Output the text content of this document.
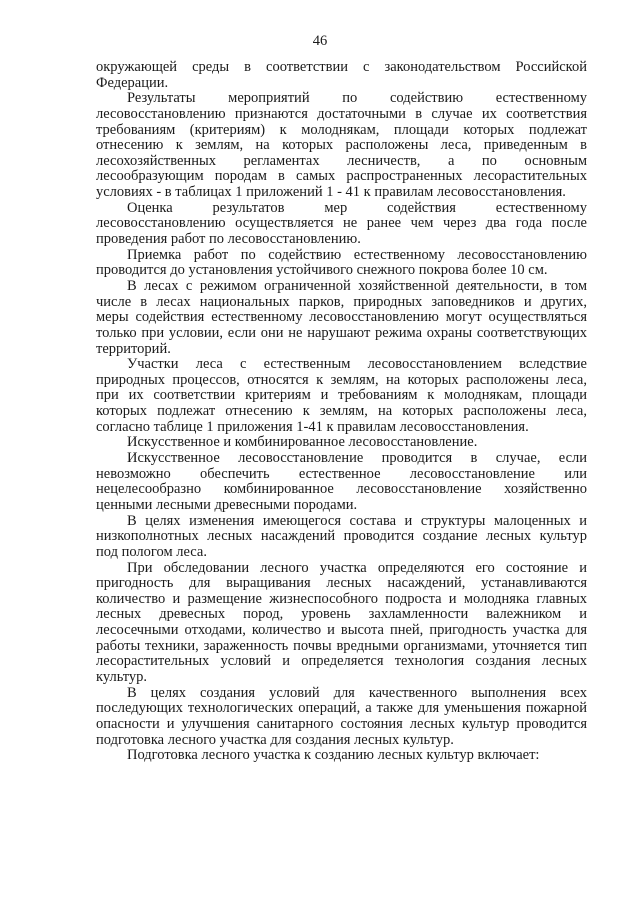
46
окружающей среды в соответствии с законодательством Российской
Федерации.
Результаты мероприятий по содействию естественному
лесовосстановлению признаются достаточными в случае их соответствия
требованиям (критериям) к молоднякам, площади которых подлежат
отнесению к землям, на которых расположены леса, приведенным в
лесохозяйственных регламентах лесничеств, а по основным
лесообразующим породам в самых распространенных лесорастительных
условиях - в таблицах 1 приложений 1 - 41 к правилам лесовосстановления.
Оценка результатов мер содействия естественному
лесовосстановлению осуществляется не ранее чем через два года после
проведения работ по лесовосстановлению.
Приемка работ по содействию естественному лесовосстановлению
проводится до установления устойчивого снежного покрова более 10 см.
В лесах с режимом ограниченной хозяйственной деятельности, в том
числе в лесах национальных парков, природных заповедников и других,
меры содействия естественному лесовосстановлению могут осуществляться
только при условии, если они не нарушают режима охраны соответствующих
территорий.
Участки леса с естественным лесовосстановлением вследствие
природных процессов, относятся к землям, на которых расположены леса,
при их соответствии критериям и требованиям к молоднякам, площади
которых подлежат отнесению к землям, на которых расположены леса,
согласно таблице 1 приложения 1-41 к правилам лесовосстановления.
Искусственное и комбинированное лесовосстановление.
Искусственное лесовосстановление проводится в случае, если
невозможно обеспечить естественное лесовосстановление или
нецелесообразно комбинированное лесовосстановление хозяйственно
ценными лесными древесными породами.
В целях изменения имеющегося состава и структуры малоценных и
низкополнотных лесных насаждений проводится создание лесных культур
под пологом леса.
При обследовании лесного участка определяются его состояние и
пригодность для выращивания лесных насаждений, устанавливаются
количество и размещение жизнеспособного подроста и молодняка главных
лесных древесных пород, уровень захламленности валежником и
лесосечными отходами, количество и высота пней, пригодность участка для
работы техники, зараженность почвы вредными организмами, уточняется тип
лесорастительных условий и определяется технология создания лесных
культур.
В целях создания условий для качественного выполнения всех
последующих технологических операций, а также для уменьшения пожарной
опасности и улучшения санитарного состояния лесных культур проводится
подготовка лесного участка для создания лесных культур.
Подготовка лесного участка к созданию лесных культур включает:
